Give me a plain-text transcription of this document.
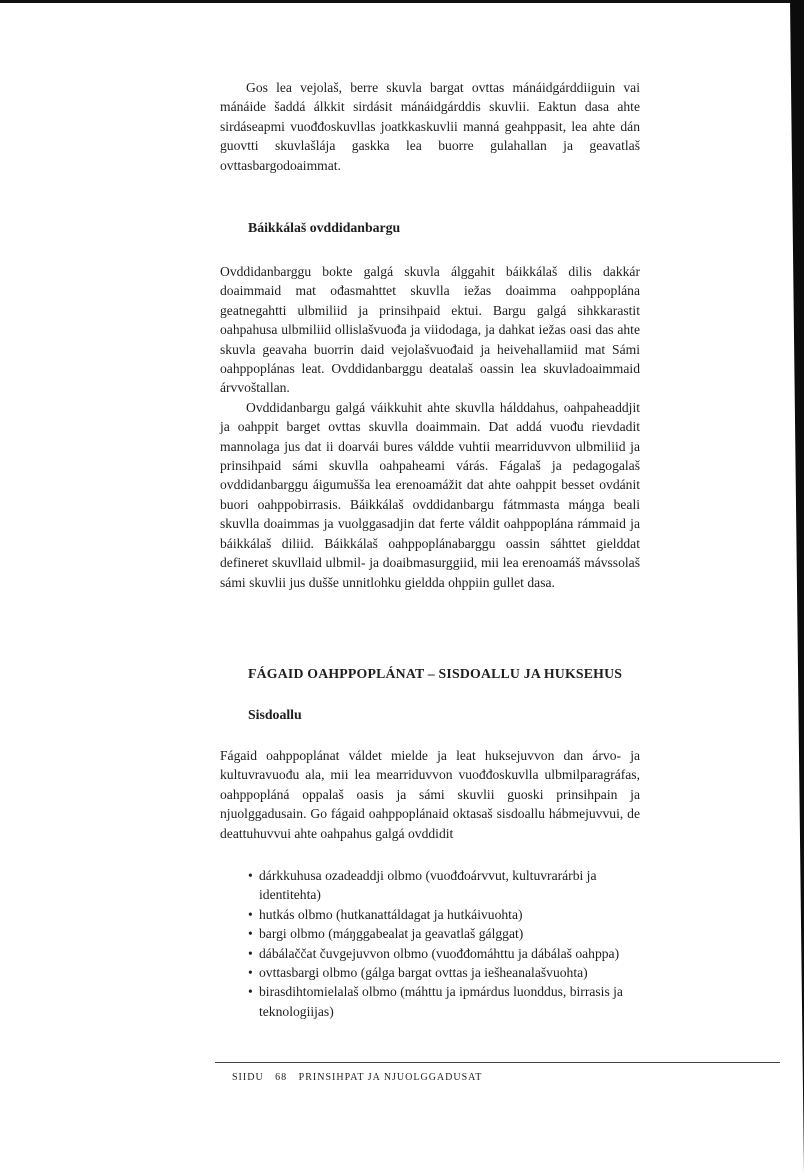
Gos lea vejolaš, berre skuvla bargat ovttas mánáidgárddiiguin vai mánáide šaddá álkkit sirdásit mánáidgárddis skuvlii. Eaktun dasa ahte sirdáseapmi vuođđoskuvllas joatkkaskuvlii manná geahppasit, lea ahte dán guovtti skuvlašlája gaskka lea buorre gulahallan ja geavatlaš ovttasbargodoaimmat.

Báikkálaš ovddidanbargu

Ovddidanbarggu bokte galgá skuvla álggahit báikkálaš dilis dakkár doaimmaid mat ođasmahttet skuvlla iežas doaimma oahppoplána geatnegahtti ulbmiliid ja prinsihpaid ektui. Bargu galgá sihkkarastit oahpahusa ulbmiliid ollislašvuođa ja viidodaga, ja dahkat iežas oasi das ahte skuvla geavaha buorrin daid vejolašvuođaid ja heivehallamiid mat Sámi oahppoplánas leat. Ovddidanbarggu deatalaš oassin lea skuvladoaimmaid árvvoštallan.

Ovddidanbargu galgá váikkuhit ahte skuvlla hálddahus, oahpaheaddjit ja oahppit barget ovttas skuvlla doaimmain. Dat addá vuođu rievdadit mannolaga jus dat ii doarvái bures váldde vuhtii mearriduvvon ulbmiliid ja prinsihpaid sámi skuvlla oahpaheami várás. Fágalaš ja pedagogalaš ovddidanbarggu áigumušša lea erenoamážit dat ahte oahppit besset ovdánit buori oahppobirrasis. Báikkálaš ovddidanbargu fátmmasta máŋga beali skuvlla doaimmas ja vuolggasadjin dat ferte váldit oahppoplána rámmaid ja báikkálaš diliid. Báikkálaš oahppoplánabarggu oassin sáhttet gielddat defineret skuvllaid ulbmil- ja doaibmasurggiid, mii lea erenoamáš mávssolaš sámi skuvlii jus dušše unnitlohku gieldda ohppiin gullet dasa.

FÁGAID OAHPPOPLÁNAT – SISDOALLU JA HUKSEHUS
Sisdoallu

Fágaid oahppoplánat váldet mielde ja leat huksejuvvon dan árvo- ja kultuvravuođu ala, mii lea mearriduvvon vuođđoskuvlla ulbmilparagráfas, oahppopláná oppalaš oasis ja sámi skuvlii guoski prinsihpain ja njuolggadusain. Go fágaid oahppoplánaid oktasaš sisdoallu hábmejuvvui, de deattuhuvvui ahte oahpahus galgá ovddidit

• dárkkuhusa ozadeaddji olbmo (vuođđoárvvut, kultuvrarárbi ja identitehta)
• hutkás olbmo (hutkanattáldagat ja hutkáivuohta)
• bargi olbmo (máŋggabealat ja geavatlaš gálggat)
• dábálaččat čuvgejuvvon olbmo (vuođđomáhttu ja dábálaš oahppa)
• ovttasbargi olbmo (gálga bargat ovttas ja iešheanalašvuohta)
• birasdihtomielalaš olbmo (máhttu ja ipmárdus luonddus, birrasis ja teknologiijas)
SIIDU 68 PRINSIHPAT JA NJUOLGGADUSAT
